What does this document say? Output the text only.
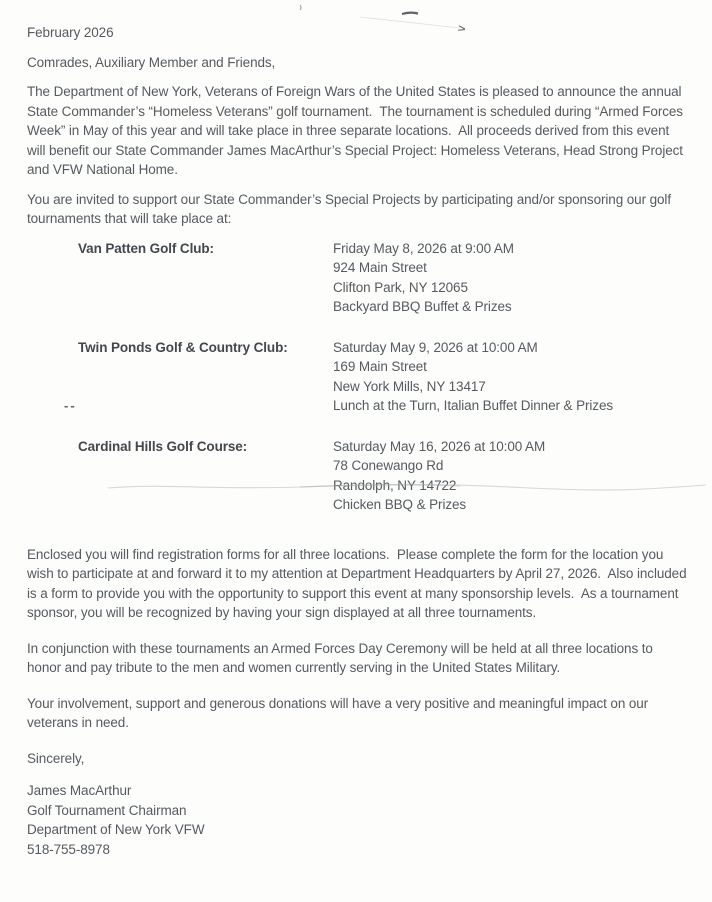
February 2026

Comrades, Auxiliary Member and Friends,

The Department of New York, Veterans of Foreign Wars of the United States is pleased to announce the annual State Commander’s “Homeless Veterans” golf tournament.  The tournament is scheduled during “Armed Forces Week” in May of this year and will take place in three separate locations.  All proceeds derived from this event will benefit our State Commander James MacArthur’s Special Project: Homeless Veterans, Head Strong Project and VFW National Home.

You are invited to support our State Commander’s Special Projects by participating and/or sponsoring our golf tournaments that will take place at:

Van Patten Golf Club:	Friday May 8, 2026 at 9:00 AM
924 Main Street
Clifton Park, NY 12065
Backyard BBQ Buffet & Prizes
Twin Ponds Golf & Country Club:	Saturday May 9, 2026 at 10:00 AM
169 Main Street
New York Mills, NY 13417
Lunch at the Turn, Italian Buffet Dinner & Prizes
Cardinal Hills Golf Course:	Saturday May 16, 2026 at 10:00 AM
78 Conewango Rd
Randolph, NY 14722
Chicken BBQ & Prizes

Enclosed you will find registration forms for all three locations.  Please complete the form for the location you wish to participate at and forward it to my attention at Department Headquarters by April 27, 2026.  Also included is a form to provide you with the opportunity to support this event at many sponsorship levels.  As a tournament sponsor, you will be recognized by having your sign displayed at all three tournaments.

In conjunction with these tournaments an Armed Forces Day Ceremony will be held at all three locations to honor and pay tribute to the men and women currently serving in the United States Military.

Your involvement, support and generous donations will have a very positive and meaningful impact on our veterans in need.

Sincerely,

James MacArthur
Golf Tournament Chairman
Department of New York VFW
518-755-8978
>
--
